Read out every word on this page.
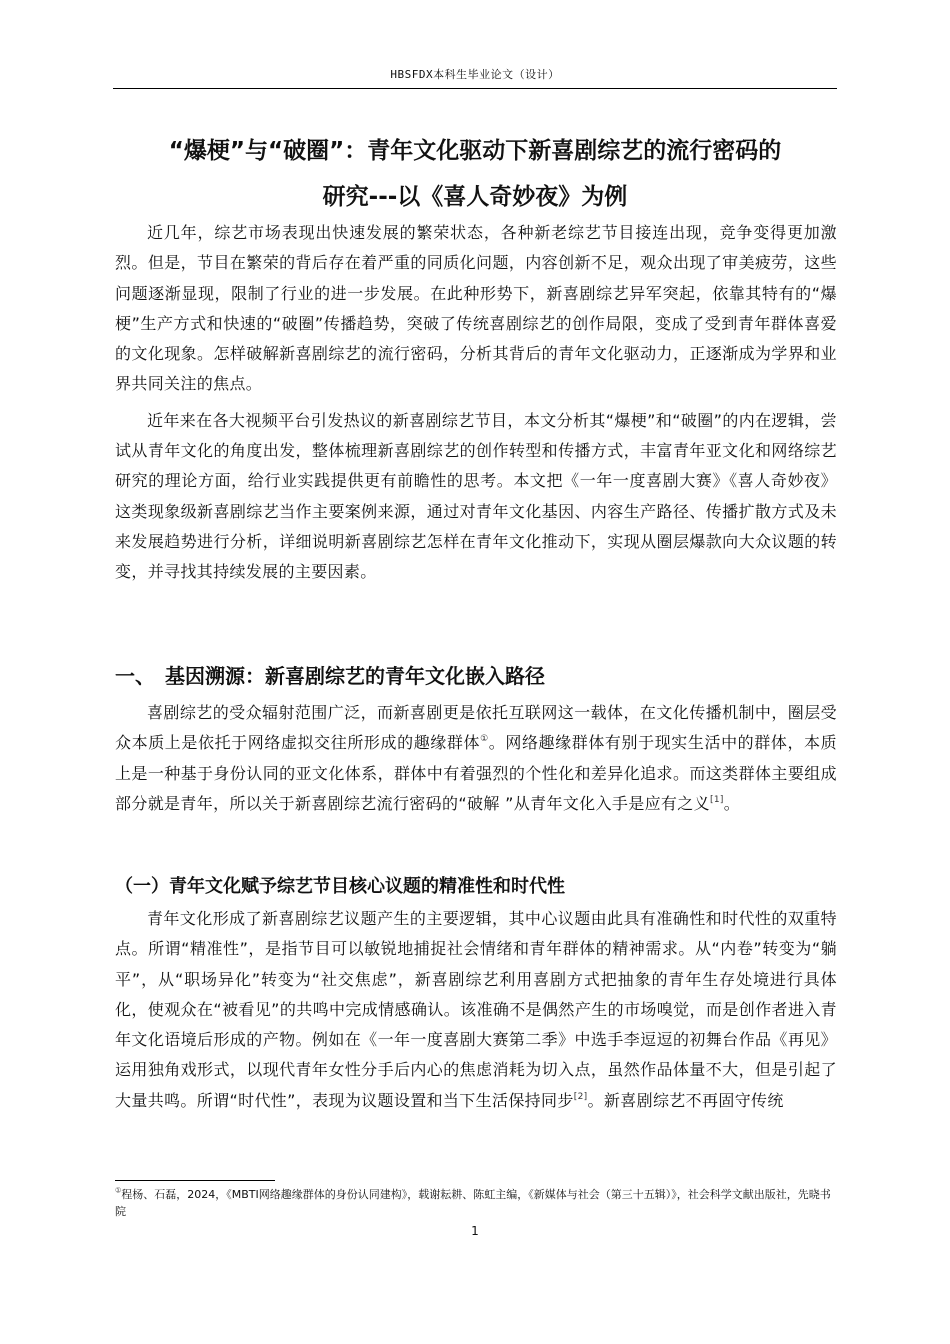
HBSFDX本科生毕业论文（设计）
“爆梗”与“破圈”：青年文化驱动下新喜剧综艺的流行密码的
研究---以《喜人奇妙夜》为例

近几年，综艺市场表现出快速发展的繁荣状态，各种新老综艺节目接连出现，竞争变得更加激烈。但是，节目在繁荣的背后存在着严重的同质化问题，内容创新不足，观众出现了审美疲劳，这些问题逐渐显现，限制了行业的进一步发展。在此种形势下，新喜剧综艺异军突起，依靠其特有的“爆梗”生产方式和快速的“破圈”传播趋势，突破了传统喜剧综艺的创作局限，变成了受到青年群体喜爱的文化现象。怎样破解新喜剧综艺的流行密码，分析其背后的青年文化驱动力，正逐渐成为学界和业界共同关注的焦点。

近年来在各大视频平台引发热议的新喜剧综艺节目，本文分析其“爆梗”和“破圈”的内在逻辑，尝试从青年文化的角度出发，整体梳理新喜剧综艺的创作转型和传播方式，丰富青年亚文化和网络综艺研究的理论方面，给行业实践提供更有前瞻性的思考。本文把《一年一度喜剧大赛》《喜人奇妙夜》这类现象级新喜剧综艺当作主要案例来源，通过对青年文化基因、内容生产路径、传播扩散方式及未来发展趋势进行分析，详细说明新喜剧综艺怎样在青年文化推动下，实现从圈层爆款向大众议题的转变，并寻找其持续发展的主要因素。

一、　基因溯源：新喜剧综艺的青年文化嵌入路径

喜剧综艺的受众辐射范围广泛，而新喜剧更是依托互联网这一载体，在文化传播机制中，圈层受众本质上是依托于网络虚拟交往所形成的趣缘群体①。网络趣缘群体有别于现实生活中的群体，本质上是一种基于身份认同的亚文化体系，群体中有着强烈的个性化和差异化追求。而这类群体主要组成部分就是青年，所以关于新喜剧综艺流行密码的“破解 ”从青年文化入手是应有之义[1]。

（一）青年文化赋予综艺节目核心议题的精准性和时代性

青年文化形成了新喜剧综艺议题产生的主要逻辑，其中心议题由此具有准确性和时代性的双重特点。所谓“精准性”，是指节目可以敏锐地捕捉社会情绪和青年群体的精神需求。从“内卷”转变为“躺平”，从“职场异化”转变为“社交焦虑”，新喜剧综艺利用喜剧方式把抽象的青年生存处境进行具体化，使观众在“被看见”的共鸣中完成情感确认。该准确不是偶然产生的市场嗅觉，而是创作者进入青年文化语境后形成的产物。例如在《一年一度喜剧大赛第二季》中选手李逗逗的初舞台作品《再见》运用独角戏形式，以现代青年女性分手后内心的焦虑消耗为切入点，虽然作品体量不大，但是引起了大量共鸣。所谓“时代性”，表现为议题设置和当下生活保持同步[2]。新喜剧综艺不再固守传统

①程杨、石磊，2024，《MBTI网络趣缘群体的身份认同建构》，载谢耘耕、陈虹主编，《新媒体与社会（第三十五辑）》，社会科学文献出版社，先晓书院

1
